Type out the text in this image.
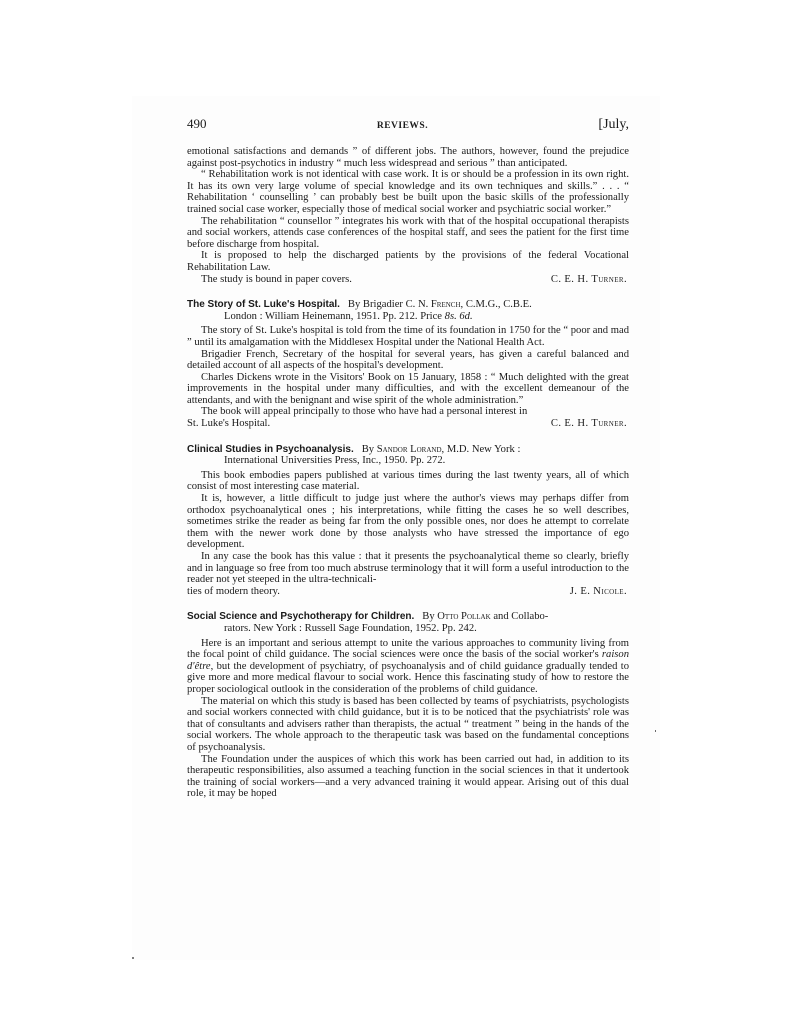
490	REVIEWS.	[July,

emotional satisfactions and demands ” of different jobs. The authors, however, found the prejudice against post-psychotics in industry “ much less widespread and serious ” than anticipated.

“ Rehabilitation work is not identical with case work. It is or should be a profession in its own right. It has its own very large volume of special knowledge and its own techniques and skills.” . . . “ Rehabilitation ‘ counselling ’ can probably best be built upon the basic skills of the professionally trained social case worker, especially those of medical social worker and psychiatric social worker.”

The rehabilitation “ counsellor ” integrates his work with that of the hospital occupational therapists and social workers, attends case conferences of the hospital staff, and sees the patient for the first time before discharge from hospital.

It is proposed to help the discharged patients by the provisions of the federal Vocational Rehabilitation Law.

The study is bound in paper covers.	C. E. H. Turner.

The Story of St. Luke's Hospital. By Brigadier C. N. French, C.M.G., C.B.E.
London : William Heinemann, 1951. Pp. 212. Price 8s. 6d.

The story of St. Luke's hospital is told from the time of its foundation in 1750 for the “ poor and mad ” until its amalgamation with the Middlesex Hospital under the National Health Act.

Brigadier French, Secretary of the hospital for several years, has given a careful balanced and detailed account of all aspects of the hospital's development.

Charles Dickens wrote in the Visitors' Book on 15 January, 1858 : “ Much delighted with the great improvements in the hospital under many difficulties, and with the excellent demeanour of the attendants, and with the benignant and wise spirit of the whole administration.”

The book will appeal principally to those who have had a personal interest in

St. Luke's Hospital.	C. E. H. Turner.

Clinical Studies in Psychoanalysis. By Sandor Lorand, M.D. New York :
International Universities Press, Inc., 1950. Pp. 272.

This book embodies papers published at various times during the last twenty years, all of which consist of most interesting case material.

It is, however, a little difficult to judge just where the author's views may perhaps differ from orthodox psychoanalytical ones ; his interpretations, while fitting the cases he so well describes, sometimes strike the reader as being far from the only possible ones, nor does he attempt to correlate them with the newer work done by those analysts who have stressed the importance of ego development.

In any case the book has this value : that it presents the psychoanalytical theme so clearly, briefly and in language so free from too much abstruse terminology that it will form a useful introduction to the reader not yet steeped in the ultra-technicali-

ties of modern theory.	J. E. Nicole.

Social Science and Psychotherapy for Children. By Otto Pollak and Collabo-
rators. New York : Russell Sage Foundation, 1952. Pp. 242.

Here is an important and serious attempt to unite the various approaches to community living from the focal point of child guidance. The social sciences were once the basis of the social worker's raison d'être, but the development of psychiatry, of psychoanalysis and of child guidance gradually tended to give more and more medical flavour to social work. Hence this fascinating study of how to restore the proper sociological outlook in the consideration of the problems of child guidance.

The material on which this study is based has been collected by teams of psychiatrists, psychologists and social workers connected with child guidance, but it is to be noticed that the psychiatrists' role was that of consultants and advisers rather than therapists, the actual “ treatment ” being in the hands of the social workers. The whole approach to the therapeutic task was based on the fundamental conceptions of psychoanalysis.

The Foundation under the auspices of which this work has been carried out had, in addition to its therapeutic responsibilities, also assumed a teaching function in the social sciences in that it undertook the training of social workers—and a very advanced training it would appear. Arising out of this dual role, it may be hoped
